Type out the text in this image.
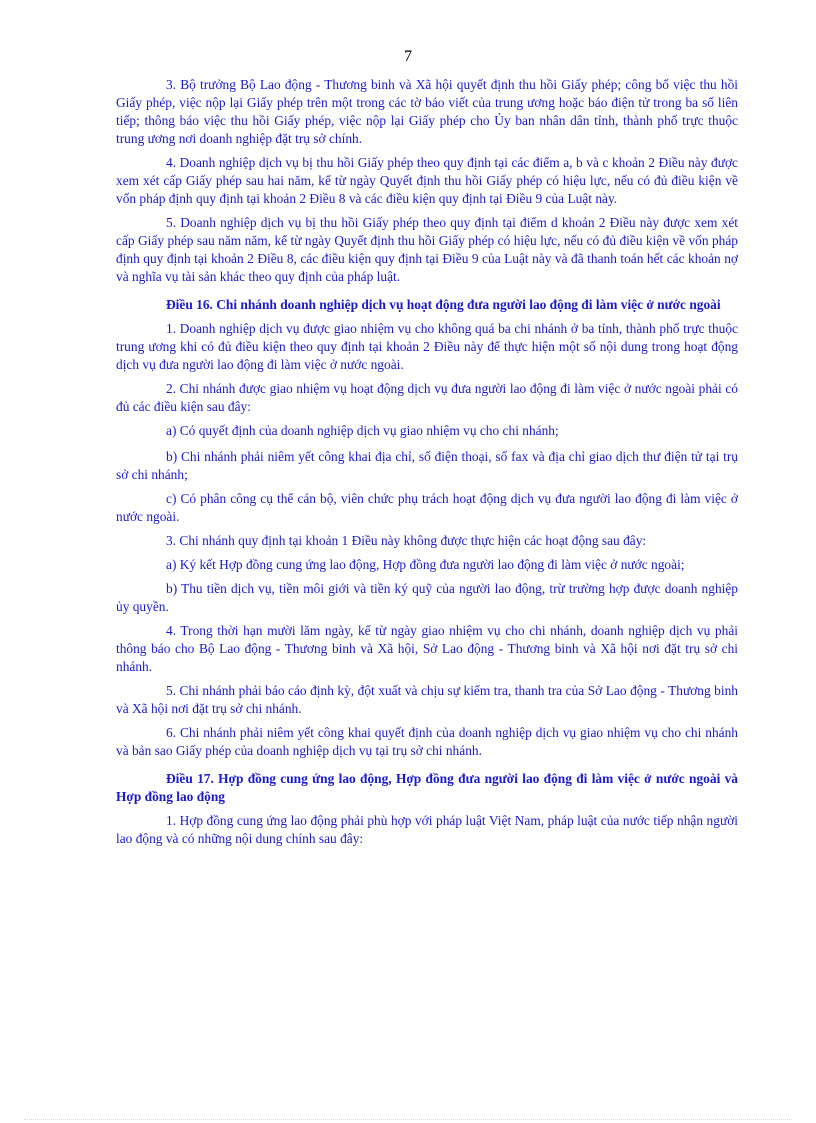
7

3. Bộ trưởng Bộ Lao động - Thương binh và Xã hội quyết định thu hồi Giấy phép; công bố việc thu hồi Giấy phép, việc nộp lại Giấy phép trên một trong các tờ báo viết của trung ương hoặc báo điện tử trong ba số liên tiếp; thông báo việc thu hồi Giấy phép, việc nộp lại Giấy phép cho Ủy ban nhân dân tỉnh, thành phố trực thuộc trung ương nơi doanh nghiệp đặt trụ sở chính.

4. Doanh nghiệp dịch vụ bị thu hồi Giấy phép theo quy định tại các điểm a, b và c khoản 2 Điều này được xem xét cấp Giấy phép sau hai năm, kể từ ngày Quyết định thu hồi Giấy phép có hiệu lực, nếu có đủ điều kiện về vốn pháp định quy định tại khoản 2 Điều 8 và các điều kiện quy định tại Điều 9 của Luật này.

5. Doanh nghiệp dịch vụ bị thu hồi Giấy phép theo quy định tại điểm d khoản 2 Điều này được xem xét cấp Giấy phép sau năm năm, kể từ ngày Quyết định thu hồi Giấy phép có hiệu lực, nếu có đủ điều kiện về vốn pháp định quy định tại khoản 2 Điều 8, các điều kiện quy định tại Điều 9 của Luật này và đã thanh toán hết các khoản nợ và nghĩa vụ tài sản khác theo quy định của pháp luật.

Điều 16. Chi nhánh doanh nghiệp dịch vụ hoạt động đưa người lao động đi làm việc ở nước ngoài

1. Doanh nghiệp dịch vụ được giao nhiệm vụ cho không quá ba chi nhánh ở ba tỉnh, thành phố trực thuộc trung ương khi có đủ điều kiện theo quy định tại khoản 2 Điều này để thực hiện một số nội dung trong hoạt động dịch vụ đưa người lao động đi làm việc ở nước ngoài.

2. Chi nhánh được giao nhiệm vụ hoạt động dịch vụ đưa người lao động đi làm việc ở nước ngoài phải có đủ các điều kiện sau đây:

a) Có quyết định của doanh nghiệp dịch vụ giao nhiệm vụ cho chi nhánh;

b) Chi nhánh phải niêm yết công khai địa chỉ, số điện thoại, số fax và địa chỉ giao dịch thư điện tử tại trụ sở chi nhánh;

c) Có phân công cụ thể cán bộ, viên chức phụ trách hoạt động dịch vụ đưa người lao động đi làm việc ở nước ngoài.

3. Chi nhánh quy định tại khoản 1 Điều này không được thực hiện các hoạt động sau đây:

a) Ký kết Hợp đồng cung ứng lao động, Hợp đồng đưa người lao động đi làm việc ở nước ngoài;

b) Thu tiền dịch vụ, tiền môi giới và tiền ký quỹ của người lao động, trừ trường hợp được doanh nghiệp ủy quyền.

4. Trong thời hạn mười lăm ngày, kể từ ngày giao nhiệm vụ cho chi nhánh, doanh nghiệp dịch vụ phải thông báo cho Bộ Lao động - Thương binh và Xã hội, Sở Lao động - Thương binh và Xã hội nơi đặt trụ sở chi nhánh.

5. Chi nhánh phải báo cáo định kỳ, đột xuất và chịu sự kiểm tra, thanh tra của Sở Lao động - Thương binh và Xã hội nơi đặt trụ sở chi nhánh.

6. Chi nhánh phải niêm yết công khai quyết định của doanh nghiệp dịch vụ giao nhiệm vụ cho chi nhánh và bản sao Giấy phép của doanh nghiệp dịch vụ tại trụ sở chi nhánh.

Điều 17. Hợp đồng cung ứng lao động, Hợp đồng đưa người lao động đi làm việc ở nước ngoài và Hợp đồng lao động

1. Hợp đồng cung ứng lao động phải phù hợp với pháp luật Việt Nam, pháp luật của nước tiếp nhận người lao động và có những nội dung chính sau đây:
